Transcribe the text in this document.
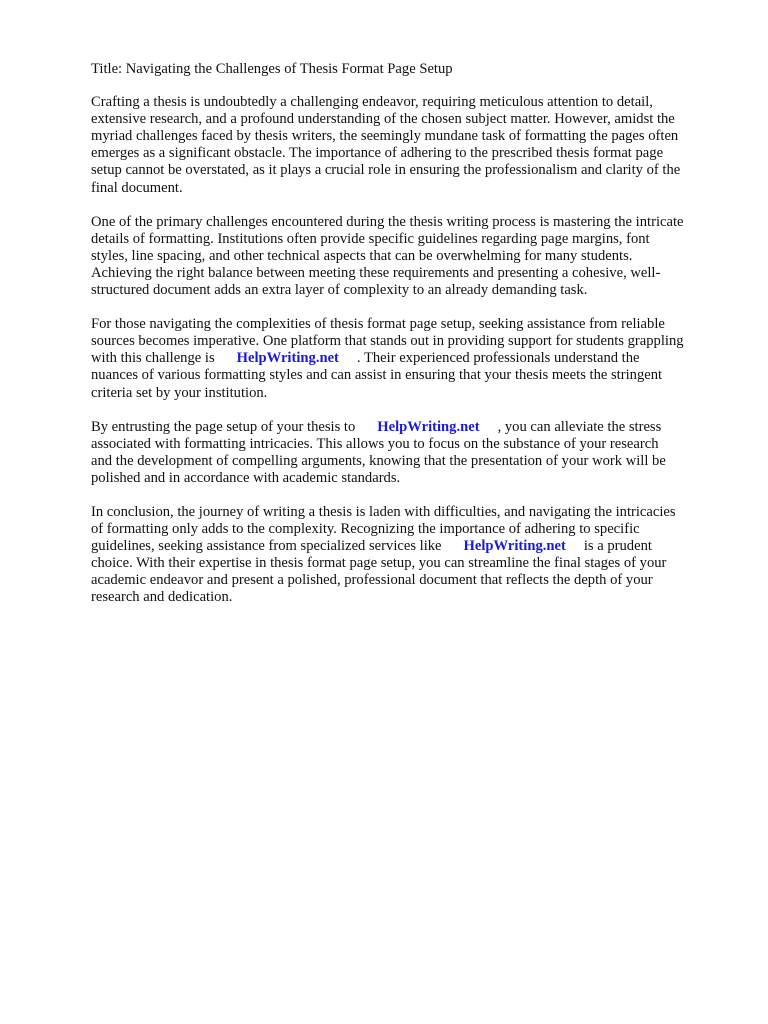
Title: Navigating the Challenges of Thesis Format Page Setup

Crafting a thesis is undoubtedly a challenging endeavor, requiring meticulous attention to detail,
extensive research, and a profound understanding of the chosen subject matter. However, amidst the
myriad challenges faced by thesis writers, the seemingly mundane task of formatting the pages often
emerges as a significant obstacle. The importance of adhering to the prescribed thesis format page
setup cannot be overstated, as it plays a crucial role in ensuring the professionalism and clarity of the
final document.

One of the primary challenges encountered during the thesis writing process is mastering the intricate
details of formatting. Institutions often provide specific guidelines regarding page margins, font
styles, line spacing, and other technical aspects that can be overwhelming for many students.
Achieving the right balance between meeting these requirements and presenting a cohesive, well-
structured document adds an extra layer of complexity to an already demanding task.

For those navigating the complexities of thesis format page setup, seeking assistance from reliable
sources becomes imperative. One platform that stands out in providing support for students grappling
with this challenge is HelpWriting.net . Their experienced professionals understand the
nuances of various formatting styles and can assist in ensuring that your thesis meets the stringent
criteria set by your institution.

By entrusting the page setup of your thesis to HelpWriting.net , you can alleviate the stress
associated with formatting intricacies. This allows you to focus on the substance of your research
and the development of compelling arguments, knowing that the presentation of your work will be
polished and in accordance with academic standards.

In conclusion, the journey of writing a thesis is laden with difficulties, and navigating the intricacies
of formatting only adds to the complexity. Recognizing the importance of adhering to specific
guidelines, seeking assistance from specialized services like HelpWriting.net is a prudent
choice. With their expertise in thesis format page setup, you can streamline the final stages of your
academic endeavor and present a polished, professional document that reflects the depth of your
research and dedication.
